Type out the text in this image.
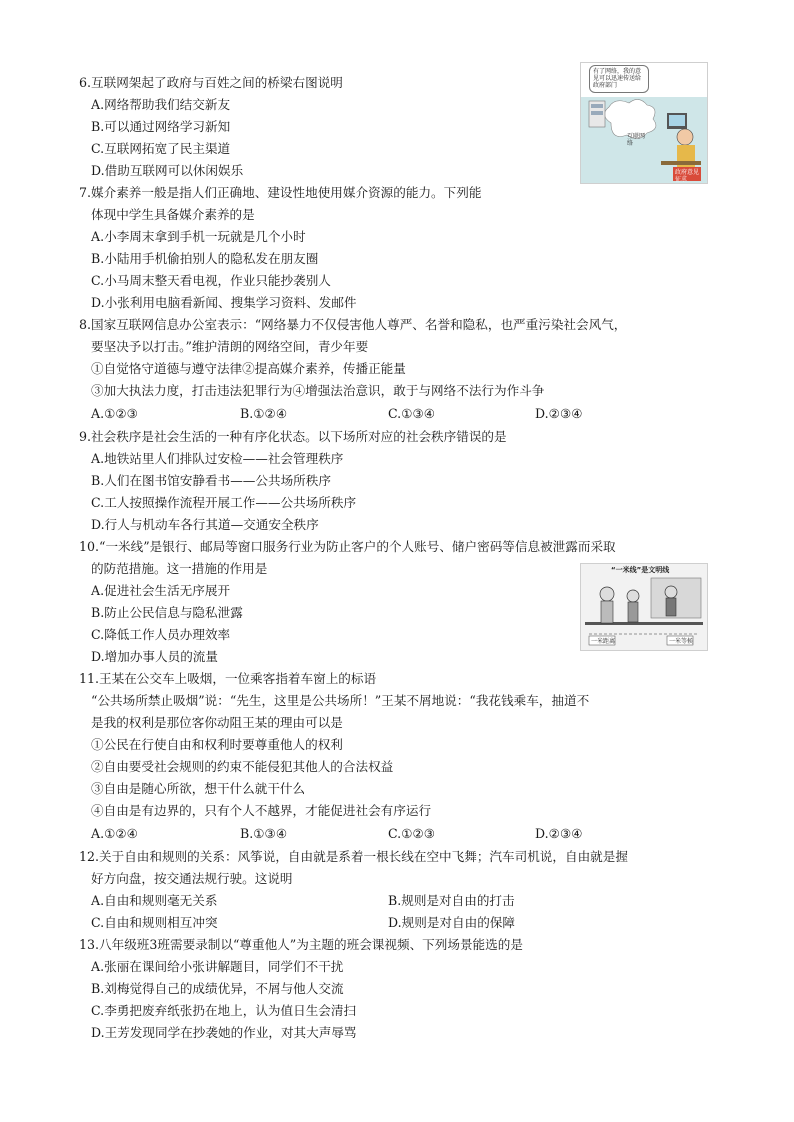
6.互联网架起了政府与百姓之间的桥梁右图说明
A.网络帮助我们结交新友
B.可以通过网络学习新知
C.互联网拓宽了民主渠道
D.借助互联网可以休闲娱乐
有了网络，我的意见可以迅速传送给政府部门
互联网络
政府意见征求
7.媒介素养一般是指人们正确地、建设性地使用媒介资源的能力。下列能
体现中学生具备媒介素养的是
A.小李周末拿到手机一玩就是几个小时
B.小陆用手机偷拍别人的隐私发在朋友圈
C.小马周末整天看电视，作业只能抄袭别人
D.小张利用电脑看新闻、搜集学习资料、发邮件
8.国家互联网信息办公室表示：“网络暴力不仅侵害他人尊严、名誉和隐私，也严重污染社会风气，
要坚决予以打击。”维护清朗的网络空间，青少年要
①自觉恪守道德与遵守法律②提高媒介素养，传播正能量
③加大执法力度，打击违法犯罪行为④增强法治意识，敢于与网络不法行为作斗争
A.①②③	B.①②④	C.①③④	D.②③④
9.社会秩序是社会生活的一种有序化状态。以下场所对应的社会秩序错误的是
A.地铁站里人们排队过安检——社会管理秩序
B.人们在图书馆安静看书——公共场所秩序
C.工人按照操作流程开展工作——公共场所秩序
D.行人与机动车各行其道—交通安全秩序
10.“一米线”是银行、邮局等窗口服务行业为防止客户的个人账号、储户密码等信息被泄露而采取
的防范措施。这一措施的作用是
A.促进社会生活无序展开
B.防止公民信息与隐私泄露
C.降低工作人员办理效率
D.增加办事人员的流量
“一米线”是文明线
一米距离	一米等候
11.王某在公交车上吸烟，一位乘客指着车窗上的标语
“公共场所禁止吸烟”说：“先生，这里是公共场所！”王某不屑地说：“我花钱乘车，抽道不
是我的权利是那位客你动阻王某的理由可以是
①公民在行使自由和权利时要尊重他人的权利
②自由要受社会规则的约束不能侵犯其他人的合法权益
③自由是随心所欲，想干什么就干什么
④自由是有边界的，只有个人不越界，才能促进社会有序运行
A.①②④	B.①③④	C.①②③	D.②③④
12.关于自由和规则的关系：风筝说，自由就是系着一根长线在空中飞舞；汽车司机说，自由就是握
好方向盘，按交通法规行驶。这说明
A.自由和规则毫无关系	B.规则是对自由的打击
C.自由和规则相互冲突	D.规则是对自由的保障
13.八年级班3班需要录制以“尊重他人”为主题的班会课视频、下列场景能选的是
A.张丽在课间给小张讲解题目，同学们不干扰
B.刘梅觉得自己的成绩优异，不屑与他人交流
C.李勇把废弃纸张扔在地上，认为值日生会清扫
D.王芳发现同学在抄袭她的作业，对其大声辱骂
